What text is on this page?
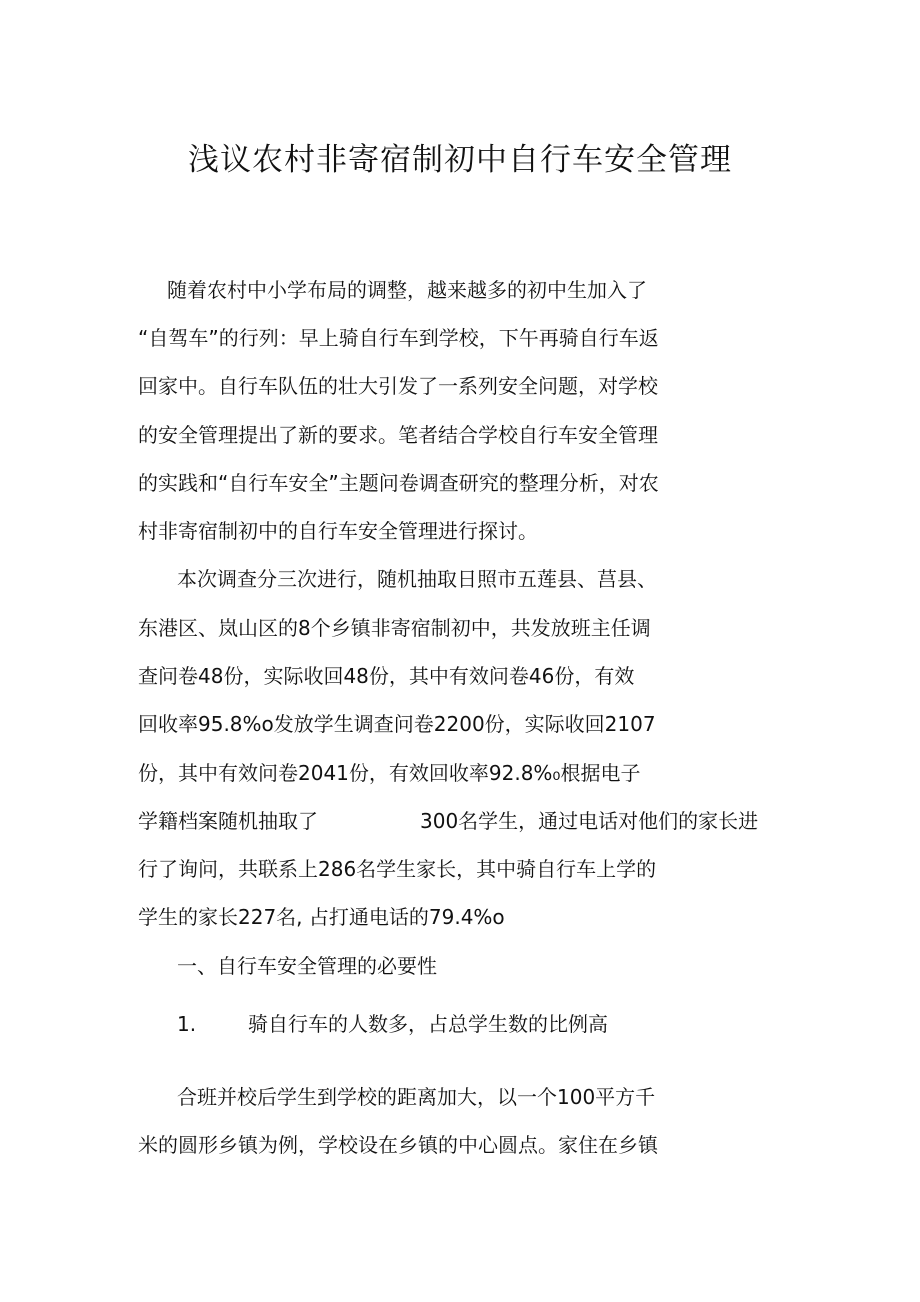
浅议农村非寄宿制初中自行车安全管理
随着农村中小学布局的调整，越来越多的初中生加入了
“自驾车”的行列：早上骑自行车到学校，下午再骑自行车返
回家中。自行车队伍的壮大引发了一系列安全问题，对学校
的安全管理提出了新的要求。笔者结合学校自行车安全管理
的实践和“自行车安全”主题问卷调查研究的整理分析，对农
村非寄宿制初中的自行车安全管理进行探讨。
本次调查分三次进行，随机抽取日照市五莲县、莒县、
东港区、岚山区的8个乡镇非寄宿制初中，共发放班主任调
查问卷48份，实际收回48份，其中有效问卷46份，有效
回收率95.8%o发放学生调查问卷2200份，实际收回2107
份，其中有效问卷2041份，有效回收率92.8%₀根据电子
学籍档案随机抽取了	300名学生，通过电话对他们的家长进
行了询问，共联系上286名学生家长，其中骑自行车上学的
学生的家长227名, 占打通电话的79.4%o
一、自行车安全管理的必要性
1.	骑自行车的人数多，占总学生数的比例高
合班并校后学生到学校的距离加大，以一个100平方千
米的圆形乡镇为例，学校设在乡镇的中心圆点。家住在乡镇
